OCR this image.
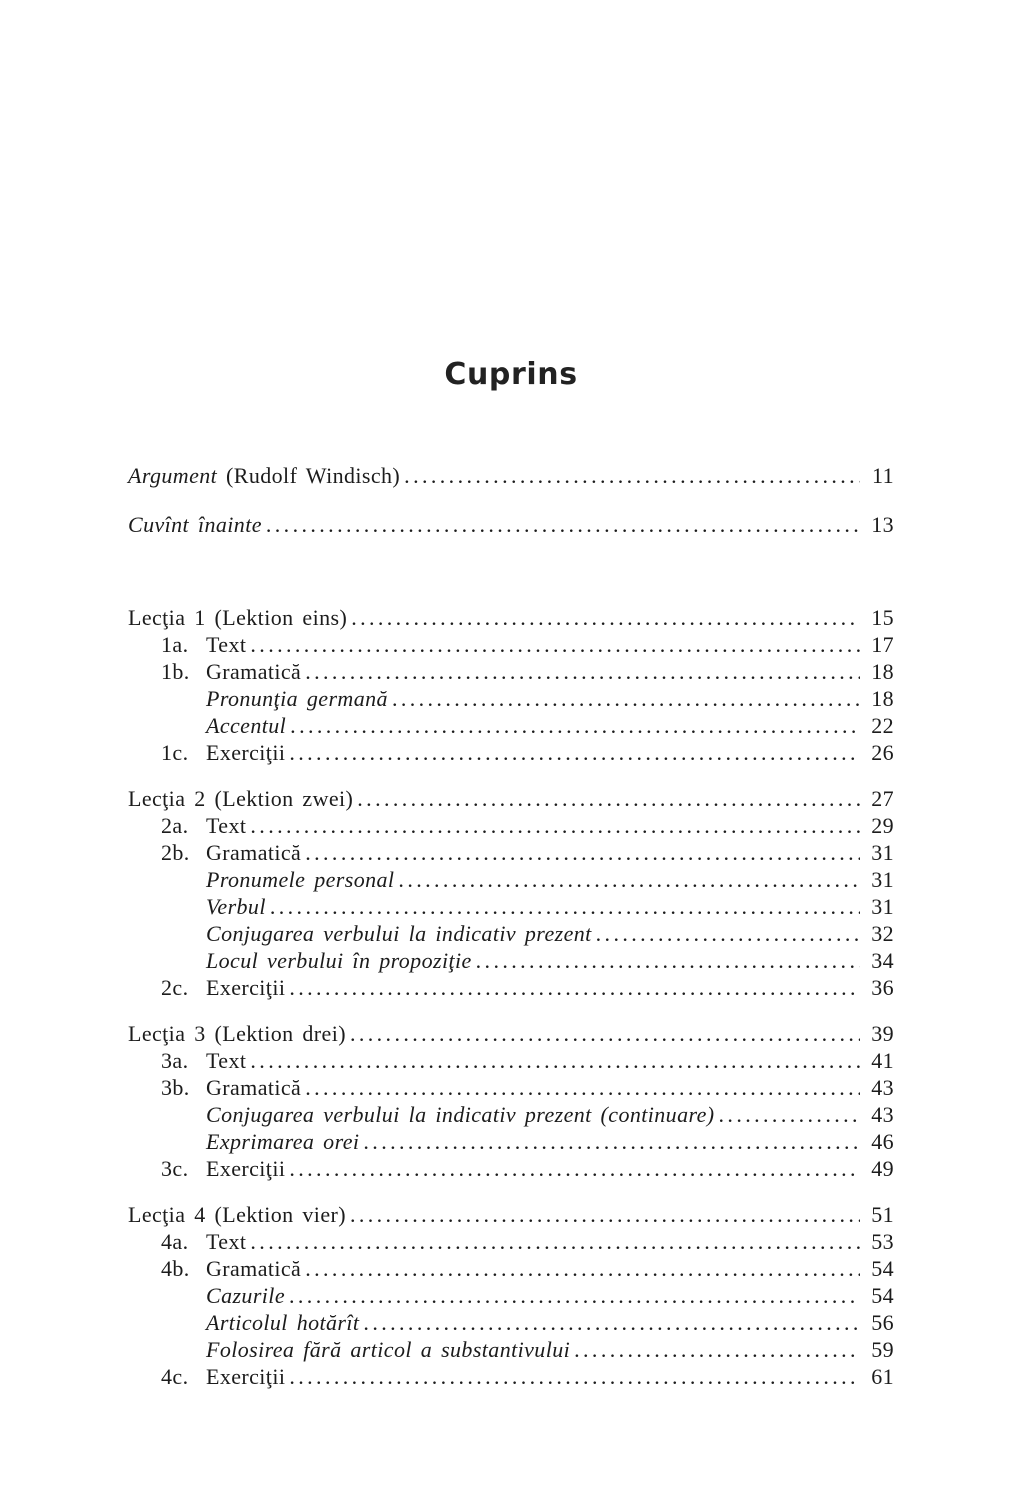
Cuprins
Argument (Rudolf Windisch) .....	11
Cuvînt înainte .....	13
Lecţia 1 (Lektion eins) .....	15
1a. Text .....	17
1b. Gramatică .....	18
Pronunţia germană .....	18
Accentul .....	22
1c. Exerciţii .....	26
Lecţia 2 (Lektion zwei) .....	27
2a. Text .....	29
2b. Gramatică .....	31
Pronumele personal .....	31
Verbul .....	31
Conjugarea verbului la indicativ prezent .....	32
Locul verbului în propoziţie .....	34
2c. Exerciţii .....	36
Lecţia 3 (Lektion drei) .....	39
3a. Text .....	41
3b. Gramatică .....	43
Conjugarea verbului la indicativ prezent (continuare) .....	43
Exprimarea orei .....	46
3c. Exerciţii .....	49
Lecţia 4 (Lektion vier) .....	51
4a. Text .....	53
4b. Gramatică .....	54
Cazurile .....	54
Articolul hotărît .....	56
Folosirea fără articol a substantivului .....	59
4c. Exerciţii .....	61
